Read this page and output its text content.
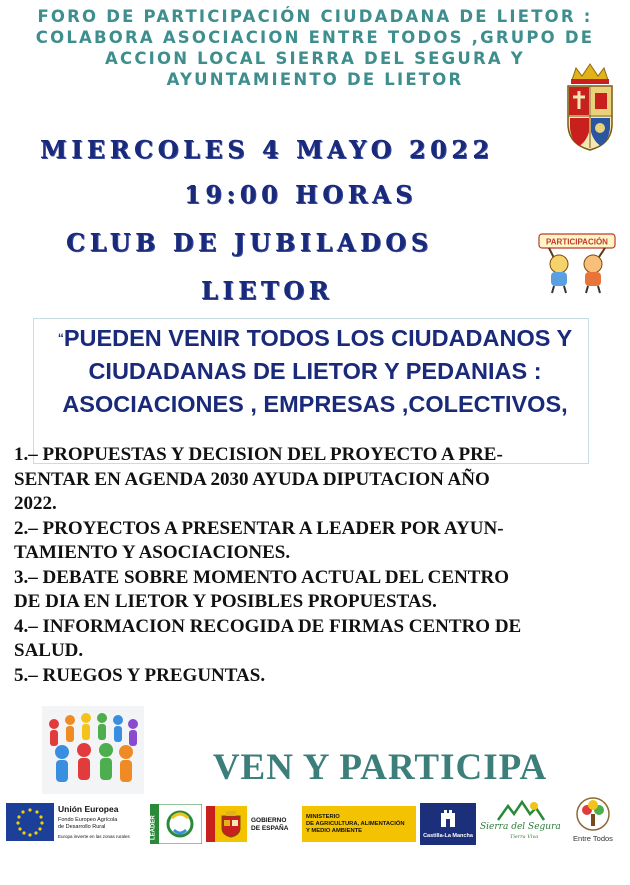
FORO DE PARTICIPACIÓN CIUDADANA DE LIETOR :
COLABORA ASOCIACION ENTRE TODOS ,GRUPO DE
ACCION LOCAL SIERRA DEL SEGURA Y
AYUNTAMIENTO DE LIETOR
MIERCOLES 4 MAYO 2022
19:00 HORAS
CLUB DE JUBILADOS
LIETOR
PARTICIPACIÓN
“PUEDEN VENIR TODOS LOS CIUDADANOS Y
CIUDADANAS DE LIETOR Y PEDANIAS :
ASOCIACIONES , EMPRESAS ,COLECTIVOS,

1.– PROPUESTAS Y DECISION DEL PROYECTO A PRE-

SENTAR EN AGENDA 2030 AYUDA DIPUTACION AÑO

2022.

2.– PROYECTOS A PRESENTAR A LEADER POR AYUN-

TAMIENTO Y ASOCIACIONES.

3.– DEBATE SOBRE MOMENTO ACTUAL DEL CENTRO

DE DIA EN LIETOR Y POSIBLES PROPUESTAS.

4.– INFORMACION RECOGIDA DE FIRMAS CENTRO DE

SALUD.

5.– RUEGOS Y PREGUNTAS.

VEN Y PARTICIPA
Unión Europea
Fondo Europeo Agrícola
de Desarrollo Rural
Europa invierte en las zonas rurales	LEADER	GOBIERNO
DE ESPAÑA
MINISTERIO
DE AGRICULTURA, ALIMENTACIÓN
Y MEDIO AMBIENTE
Castilla-La Mancha
Sierra del Segura
Tierra Viva	Entre Todos
